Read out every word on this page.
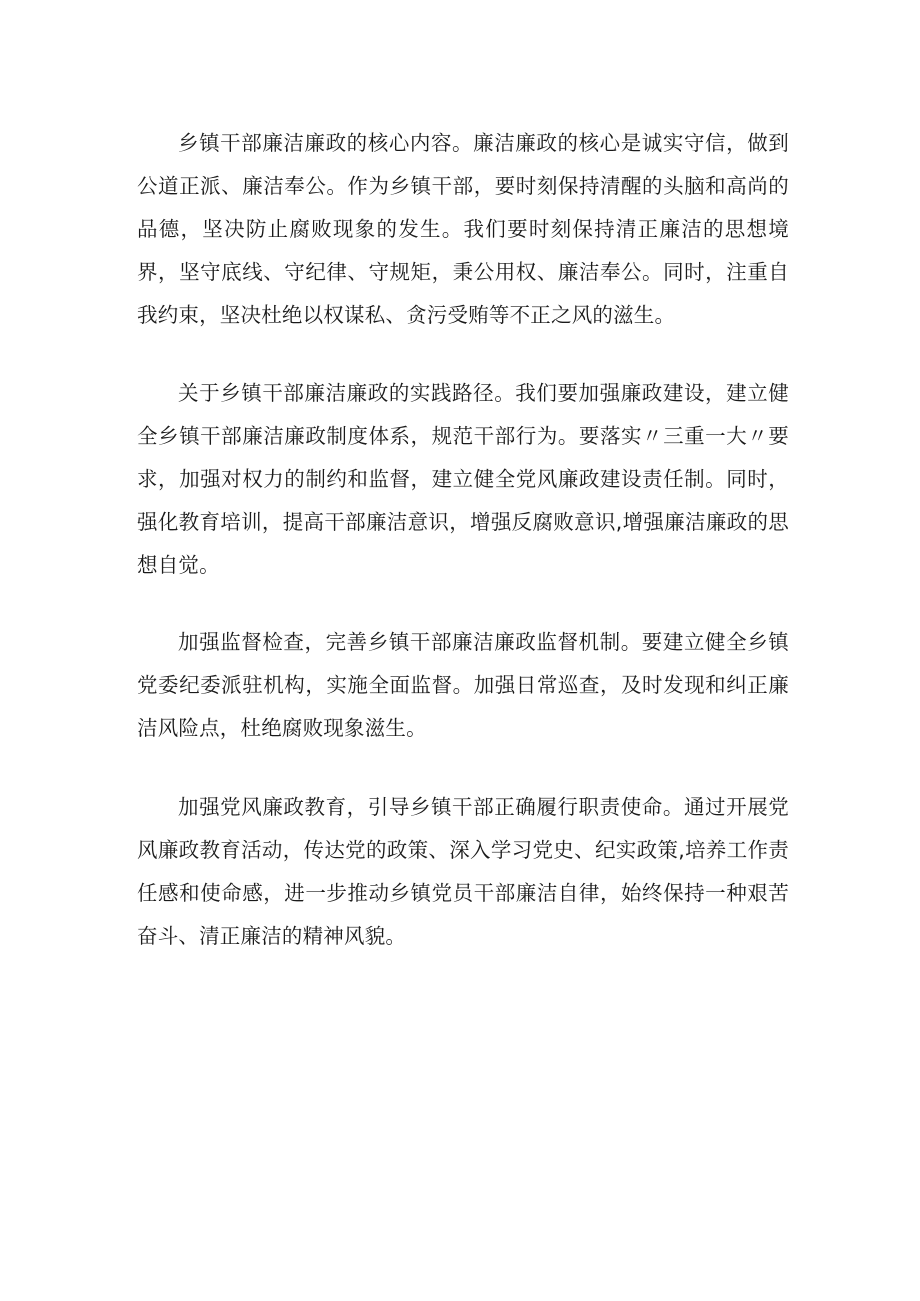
乡镇干部廉洁廉政的核心内容。廉洁廉政的核心是诚实守信，做到公道正派、廉洁奉公。作为乡镇干部，要时刻保持清醒的头脑和高尚的品德，坚决防止腐败现象的发生。我们要时刻保持清正廉洁的思想境界，坚守底线、守纪律、守规矩，秉公用权、廉洁奉公。同时，注重自我约束，坚决杜绝以权谋私、贪污受贿等不正之风的滋生。

关于乡镇干部廉洁廉政的实践路径。我们要加强廉政建设，建立健全乡镇干部廉洁廉政制度体系，规范干部行为。要落实〃三重一大〃要求，加强对权力的制约和监督，建立健全党风廉政建设责任制。同时，强化教育培训，提高干部廉洁意识，增强反腐败意识,增强廉洁廉政的思想自觉。

加强监督检查，完善乡镇干部廉洁廉政监督机制。要建立健全乡镇党委纪委派驻机构，实施全面监督。加强日常巡查，及时发现和纠正廉洁风险点，杜绝腐败现象滋生。

加强党风廉政教育，引导乡镇干部正确履行职责使命。通过开展党风廉政教育活动，传达党的政策、深入学习党史、纪实政策,培养工作责任感和使命感，进一步推动乡镇党员干部廉洁自律，始终保持一种艰苦奋斗、清正廉洁的精神风貌。
